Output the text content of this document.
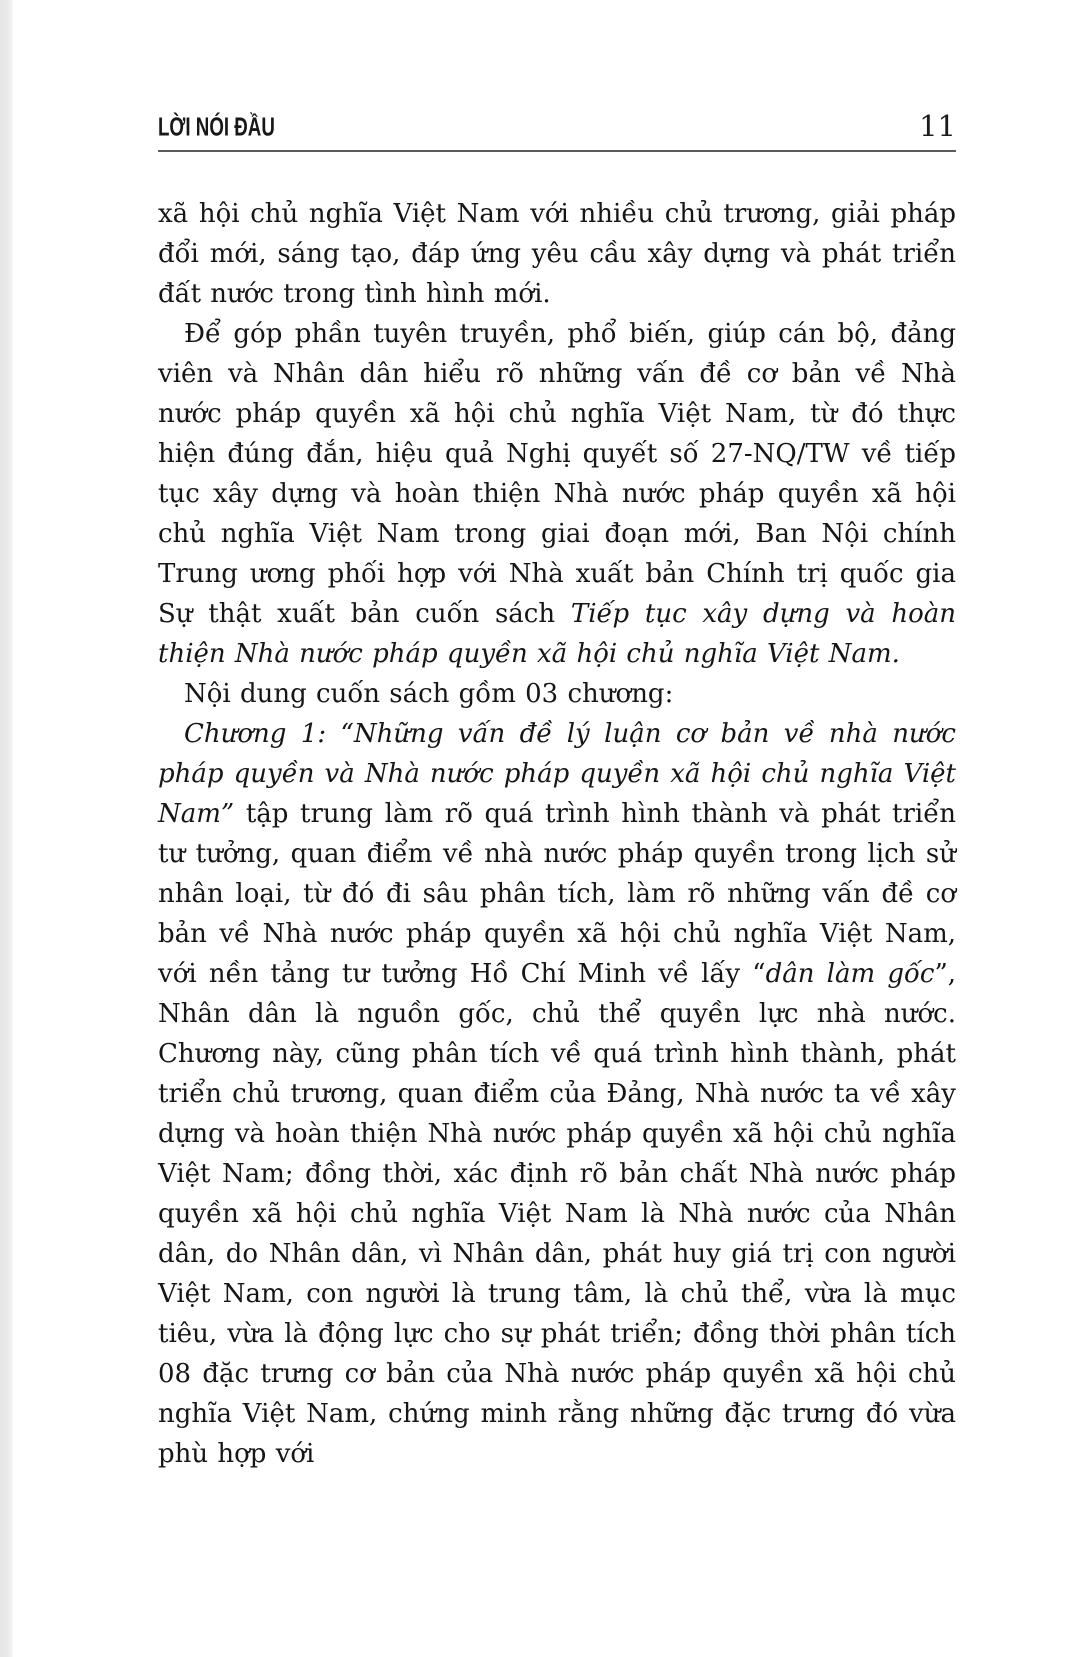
LỜI NÓI ĐẦU	11

xã hội chủ nghĩa Việt Nam với nhiều chủ trương, giải pháp đổi mới, sáng tạo, đáp ứng yêu cầu xây dựng và phát triển đất nước trong tình hình mới.

Để góp phần tuyên truyền, phổ biến, giúp cán bộ, đảng viên và Nhân dân hiểu rõ những vấn đề cơ bản về Nhà nước pháp quyền xã hội chủ nghĩa Việt Nam, từ đó thực hiện đúng đắn, hiệu quả Nghị quyết số 27-NQ/TW về tiếp tục xây dựng và hoàn thiện Nhà nước pháp quyền xã hội chủ nghĩa Việt Nam trong giai đoạn mới, Ban Nội chính Trung ương phối hợp với Nhà xuất bản Chính trị quốc gia Sự thật xuất bản cuốn sách Tiếp tục xây dựng và hoàn thiện Nhà nước pháp quyền xã hội chủ nghĩa Việt Nam.

Nội dung cuốn sách gồm 03 chương:

Chương 1: “Những vấn đề lý luận cơ bản về nhà nước pháp quyền và Nhà nước pháp quyền xã hội chủ nghĩa Việt Nam” tập trung làm rõ quá trình hình thành và phát triển tư tưởng, quan điểm về nhà nước pháp quyền trong lịch sử nhân loại, từ đó đi sâu phân tích, làm rõ những vấn đề cơ bản về Nhà nước pháp quyền xã hội chủ nghĩa Việt Nam, với nền tảng tư tưởng Hồ Chí Minh về lấy “dân làm gốc”, Nhân dân là nguồn gốc, chủ thể quyền lực nhà nước. Chương này, cũng phân tích về quá trình hình thành, phát triển chủ trương, quan điểm của Đảng, Nhà nước ta về xây dựng và hoàn thiện Nhà nước pháp quyền xã hội chủ nghĩa Việt Nam; đồng thời, xác định rõ bản chất Nhà nước pháp quyền xã hội chủ nghĩa Việt Nam là Nhà nước của Nhân dân, do Nhân dân, vì Nhân dân, phát huy giá trị con người Việt Nam, con người là trung tâm, là chủ thể, vừa là mục tiêu, vừa là động lực cho sự phát triển; đồng thời phân tích 08 đặc trưng cơ bản của Nhà nước pháp quyền xã hội chủ nghĩa Việt Nam, chứng minh rằng những đặc trưng đó vừa phù hợp với
